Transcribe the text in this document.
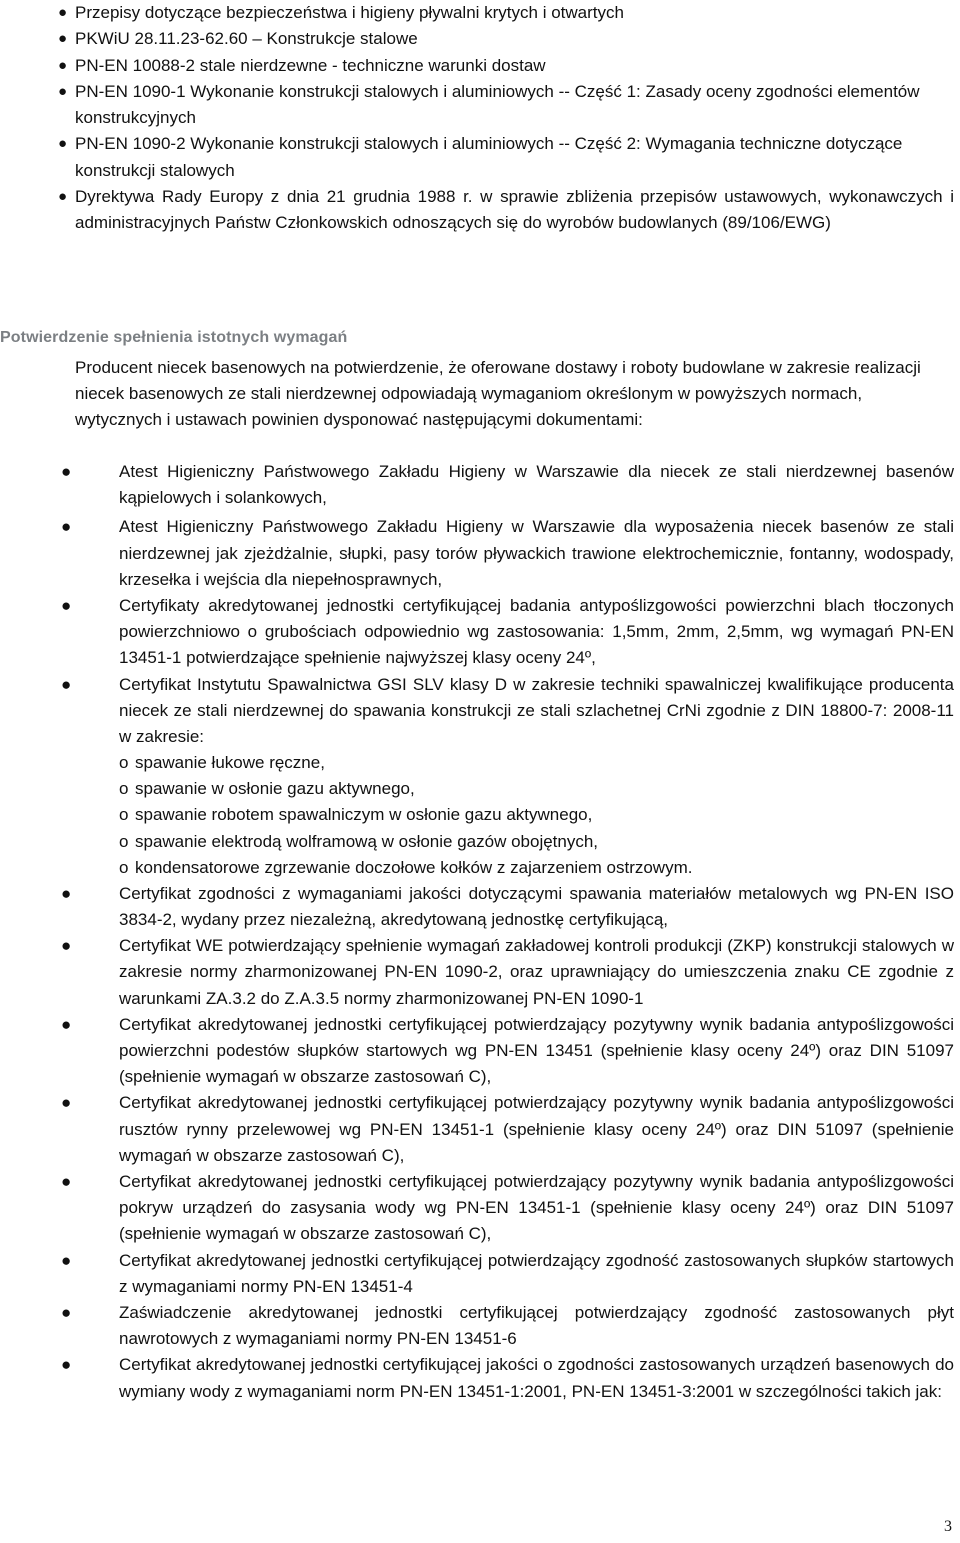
● Przepisy dotyczące bezpieczeństwa i higieny pływalni krytych i otwartych
● PKWiU 28.11.23-62.60 – Konstrukcje stalowe
● PN-EN 10088-2 stale nierdzewne - techniczne warunki dostaw
● PN-EN 1090-1 Wykonanie konstrukcji stalowych i aluminiowych -- Część 1: Zasady oceny zgodności elementów konstrukcyjnych
● PN-EN 1090-2 Wykonanie konstrukcji stalowych i aluminiowych -- Część 2: Wymagania techniczne dotyczące konstrukcji stalowych
● Dyrektywa Rady Europy z dnia 21 grudnia 1988 r. w sprawie zbliżenia przepisów ustawowych, wykonawczych i administracyjnych Państw Członkowskich odnoszących się do wyrobów budowlanych (89/106/EWG)
Potwierdzenie spełnienia istotnych wymagań
Producent niecek basenowych na potwierdzenie, że oferowane dostawy i roboty budowlane w zakresie realizacji niecek basenowych ze stali nierdzewnej odpowiadają wymaganiom określonym w powyższych normach, wytycznych i ustawach powinien dysponować następującymi dokumentami:
●	Atest Higieniczny Państwowego Zakładu Higieny w Warszawie dla niecek ze stali nierdzewnej basenów kąpielowych i solankowych,
●	Atest Higieniczny Państwowego Zakładu Higieny w Warszawie dla wyposażenia niecek basenów ze stali nierdzewnej jak zjeżdżalnie, słupki, pasy torów pływackich trawione elektrochemicznie, fontanny, wodospady, krzesełka i wejścia dla niepełnosprawnych,
●	Certyfikaty akredytowanej jednostki certyfikującej badania antypoślizgowości powierzchni blach tłoczonych powierzchniowo o grubościach odpowiednio wg zastosowania: 1,5mm, 2mm, 2,5mm, wg wymagań PN-EN 13451-1 potwierdzające spełnienie najwyższej klasy oceny 24º,
●	Certyfikat Instytutu Spawalnictwa GSI SLV klasy D w zakresie techniki spawalniczej kwalifikujące producenta niecek ze stali nierdzewnej do spawania konstrukcji ze stali szlachetnej CrNi zgodnie z DIN 18800-7: 2008-11 w zakresie:
o spawanie łukowe ręczne,
o spawanie w osłonie gazu aktywnego,
o spawanie robotem spawalniczym w osłonie gazu aktywnego,
o spawanie elektrodą wolframową w osłonie gazów obojętnych,
o kondensatorowe zgrzewanie doczołowe kołków z zajarzeniem ostrzowym.
●	Certyfikat zgodności z wymaganiami jakości dotyczącymi spawania materiałów metalowych wg PN-EN ISO 3834-2, wydany przez niezależną, akredytowaną jednostkę certyfikującą,
●	Certyfikat WE potwierdzający spełnienie wymagań zakładowej kontroli produkcji (ZKP) konstrukcji stalowych w zakresie normy zharmonizowanej PN-EN 1090-2, oraz uprawniający do umieszczenia znaku CE zgodnie z warunkami ZA.3.2 do Z.A.3.5 normy zharmonizowanej PN-EN 1090-1
●	Certyfikat akredytowanej jednostki certyfikującej potwierdzający pozytywny wynik badania antypoślizgowości powierzchni podestów słupków startowych wg PN-EN 13451 (spełnienie klasy oceny 24º) oraz DIN 51097 (spełnienie wymagań w obszarze zastosowań C),
●	Certyfikat akredytowanej jednostki certyfikującej potwierdzający pozytywny wynik badania antypoślizgowości rusztów rynny przelewowej wg PN-EN 13451-1 (spełnienie klasy oceny 24º) oraz DIN 51097 (spełnienie wymagań w obszarze zastosowań C),
●	Certyfikat akredytowanej jednostki certyfikującej potwierdzający pozytywny wynik badania antypoślizgowości pokryw urządzeń do zasysania wody wg PN-EN 13451-1 (spełnienie klasy oceny 24º) oraz DIN 51097 (spełnienie wymagań w obszarze zastosowań C),
●	Certyfikat akredytowanej jednostki certyfikującej potwierdzający zgodność zastosowanych słupków startowych z wymaganiami normy PN-EN 13451-4
●	Zaświadczenie akredytowanej jednostki certyfikującej potwierdzający zgodność zastosowanych płyt nawrotowych z wymaganiami normy PN-EN 13451-6
●	Certyfikat akredytowanej jednostki certyfikującej jakości o zgodności zastosowanych urządzeń basenowych do wymiany wody z wymaganiami norm PN-EN 13451-1:2001, PN-EN 13451-3:2001 w szczególności takich jak:
3
